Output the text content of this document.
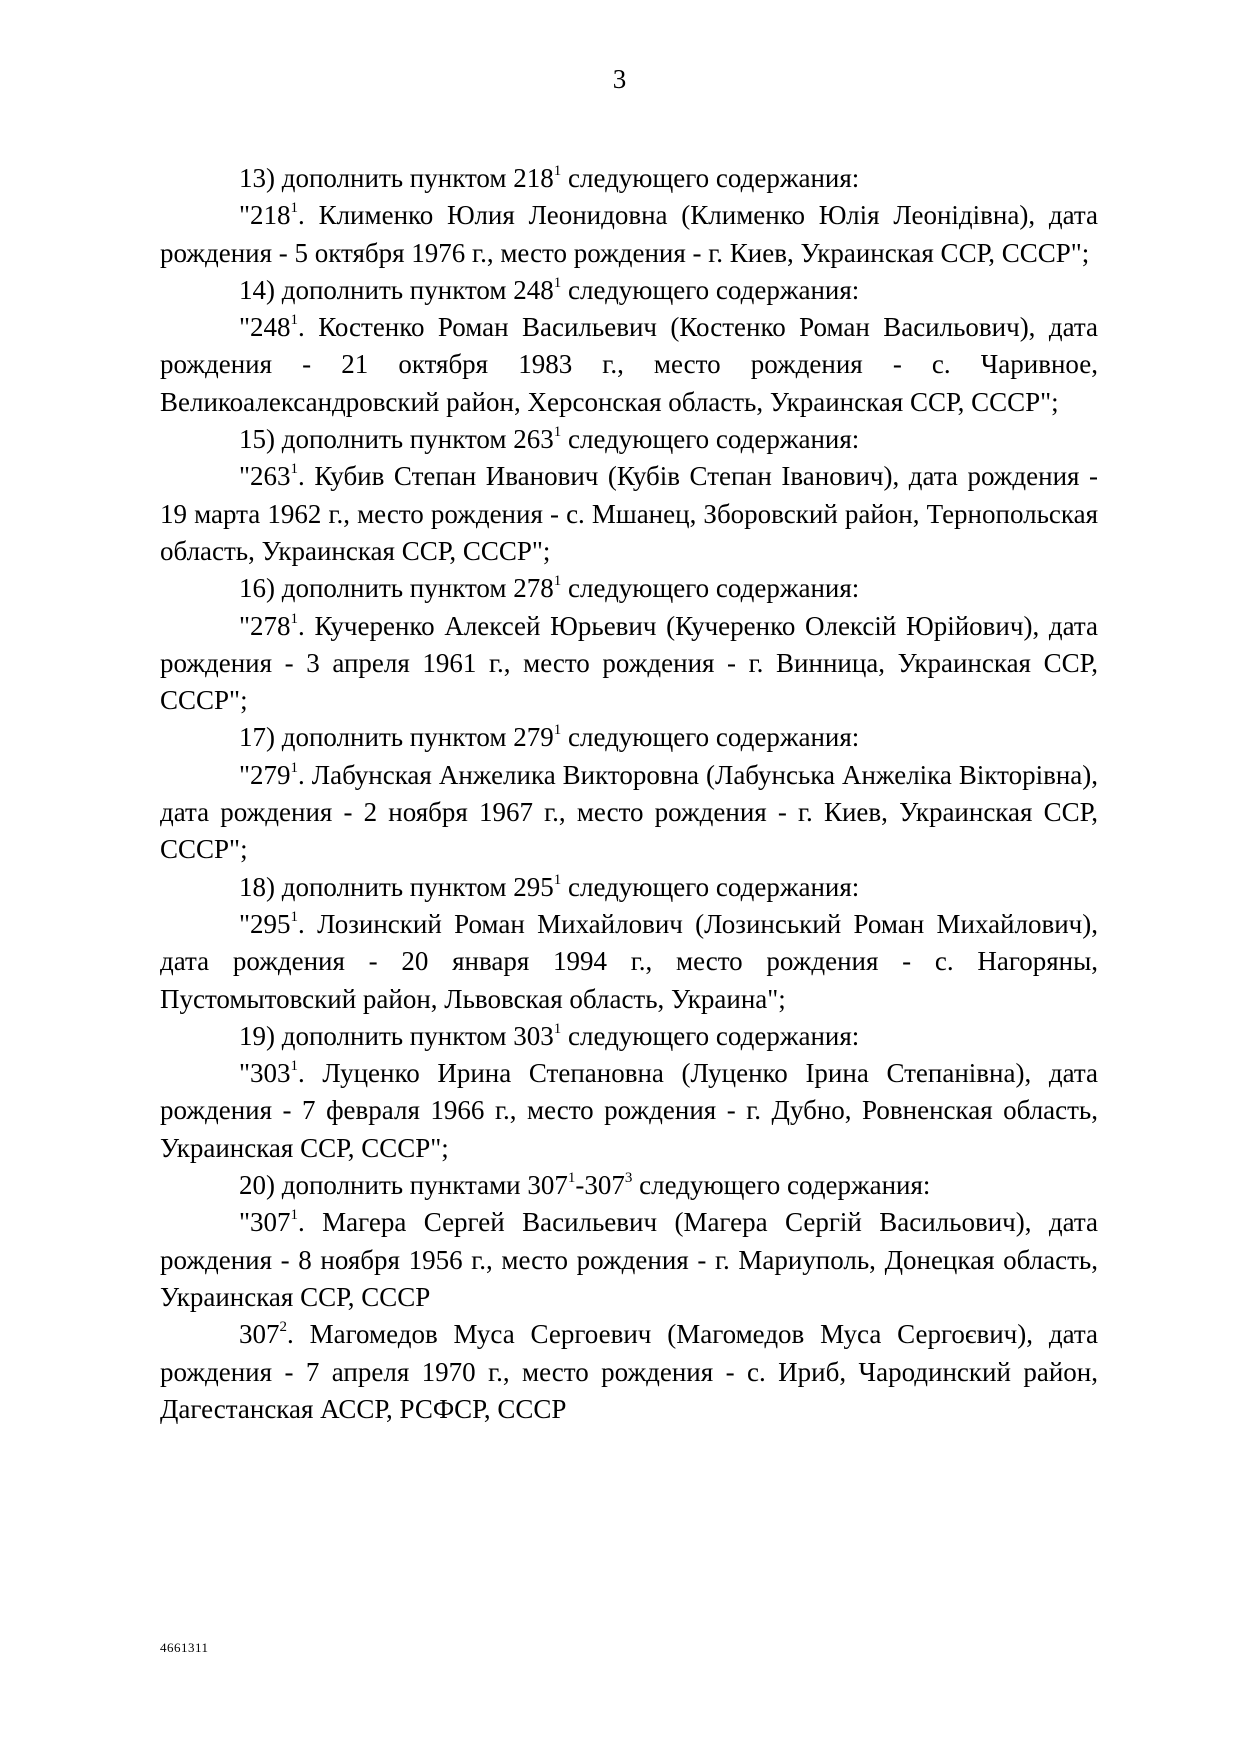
3

13) дополнить пунктом $218^1$ следующего содержания:

"$218^1$. Клименко Юлия Леонидовна (Клименко Юлія Леонідівна), дата рождения - 5 октября 1976 г., место рождения - г. Киев, Украинская ССР, СССР";

14) дополнить пунктом $248^1$ следующего содержания:

"$248^1$. Костенко Роман Васильевич (Костенко Роман Васильович), дата рождения - 21 октября 1983 г., место рождения - с. Чаривное, Великоалександровский район, Херсонская область, Украинская ССР, СССР";

15) дополнить пунктом $263^1$ следующего содержания:

"$263^1$. Кубив Степан Иванович (Кубів Степан Іванович), дата рождения - 19 марта 1962 г., место рождения - с. Мшанец, Зборовский район, Тернопольская область, Украинская ССР, СССР";

16) дополнить пунктом $278^1$ следующего содержания:

"$278^1$. Кучеренко Алексей Юрьевич (Кучеренко Олексій Юрійович), дата рождения - 3 апреля 1961 г., место рождения - г. Винница, Украинская ССР, СССР";

17) дополнить пунктом $279^1$ следующего содержания:

"$279^1$. Лабунская Анжелика Викторовна (Лабунська Анжеліка Вікторівна), дата рождения - 2 ноября 1967 г., место рождения - г. Киев, Украинская ССР, СССР";

18) дополнить пунктом $295^1$ следующего содержания:

"$295^1$. Лозинский Роман Михайлович (Лозинський Роман Михайлович), дата рождения - 20 января 1994 г., место рождения - с. Нагоряны, Пустомытовский район, Львовская область, Украина";

19) дополнить пунктом $303^1$ следующего содержания:

"$303^1$. Луценко Ирина Степановна (Луценко Ірина Степанівна), дата рождения - 7 февраля 1966 г., место рождения - г. Дубно, Ровненская область, Украинская ССР, СССР";

20) дополнить пунктами $307^1-307^3$ следующего содержания:

"$307^1$. Магера Сергей Васильевич (Магера Сергій Васильович), дата рождения - 8 ноября 1956 г., место рождения - г. Мариуполь, Донецкая область, Украинская ССР, СССР

$307^2$. Магомедов Муса Сергоевич (Магомедов Муса Сергоєвич), дата рождения - 7 апреля 1970 г., место рождения - с. Ириб, Чародинский район, Дагестанская АССР, РСФСР, СССР

4661311
